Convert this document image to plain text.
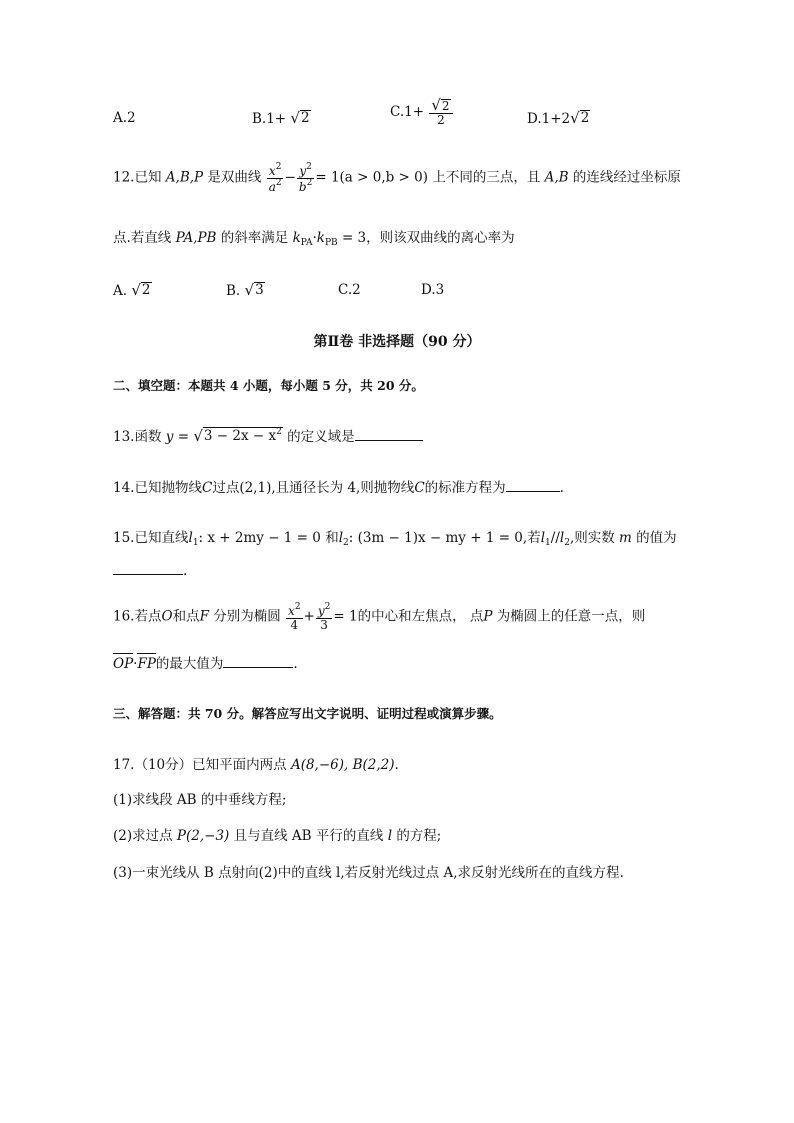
A.2	B.1+ √ 2	$C.1+ \frac{√ 2}{2}$	D.1+2 √ 2
12.已知 A,B,P 是双曲线 $\frac{x^2}{a^2} - \frac{y^2}{b^2} = 1(a > 0,b > 0)$ 上不同的三点，且 A,B 的连线经过坐标原
点.若直线 PA,PB 的斜率满足 $k_{PA}\cdot k_{PB} = 3$，则该双曲线的离心率为
A. √ 2	B. √ 3	C.2	D.3
第Ⅱ卷 非选择题（90 分）
二、填空题：本题共 4 小题，每小题 5 分，共 20 分。
13.函数 y = √ $3 - 2x - x^2$ 的定义域是
14.已知抛物线C过点(2,1),且通径长为 4,则抛物线C的标准方程为	.
15.已知直线$l_1$: x + 2my − 1 = 0 和$l_2$: (3m − 1)x − my + 1 = 0,若$l_1//l_2$,则实数 m 的值为
.
16.若点O和点F 分别为椭圆 $\frac{x^2}{4} + \frac{y^2}{3} = 1$的中心和左焦点， 点P 为椭圆上的任意一点，则
OP·FP的最大值为	.
三、解答题：共 70 分。解答应写出文字说明、证明过程或演算步骤。
17.（10分）已知平面内两点 A(8,−6), B(2,2).
(1)求线段 AB 的中垂线方程;
(2)求过点 P(2,−3) 且与直线 AB 平行的直线 l 的方程;
(3)一束光线从 B 点射向(2)中的直线 l,若反射光线过点 A,求反射光线所在的直线方程.
